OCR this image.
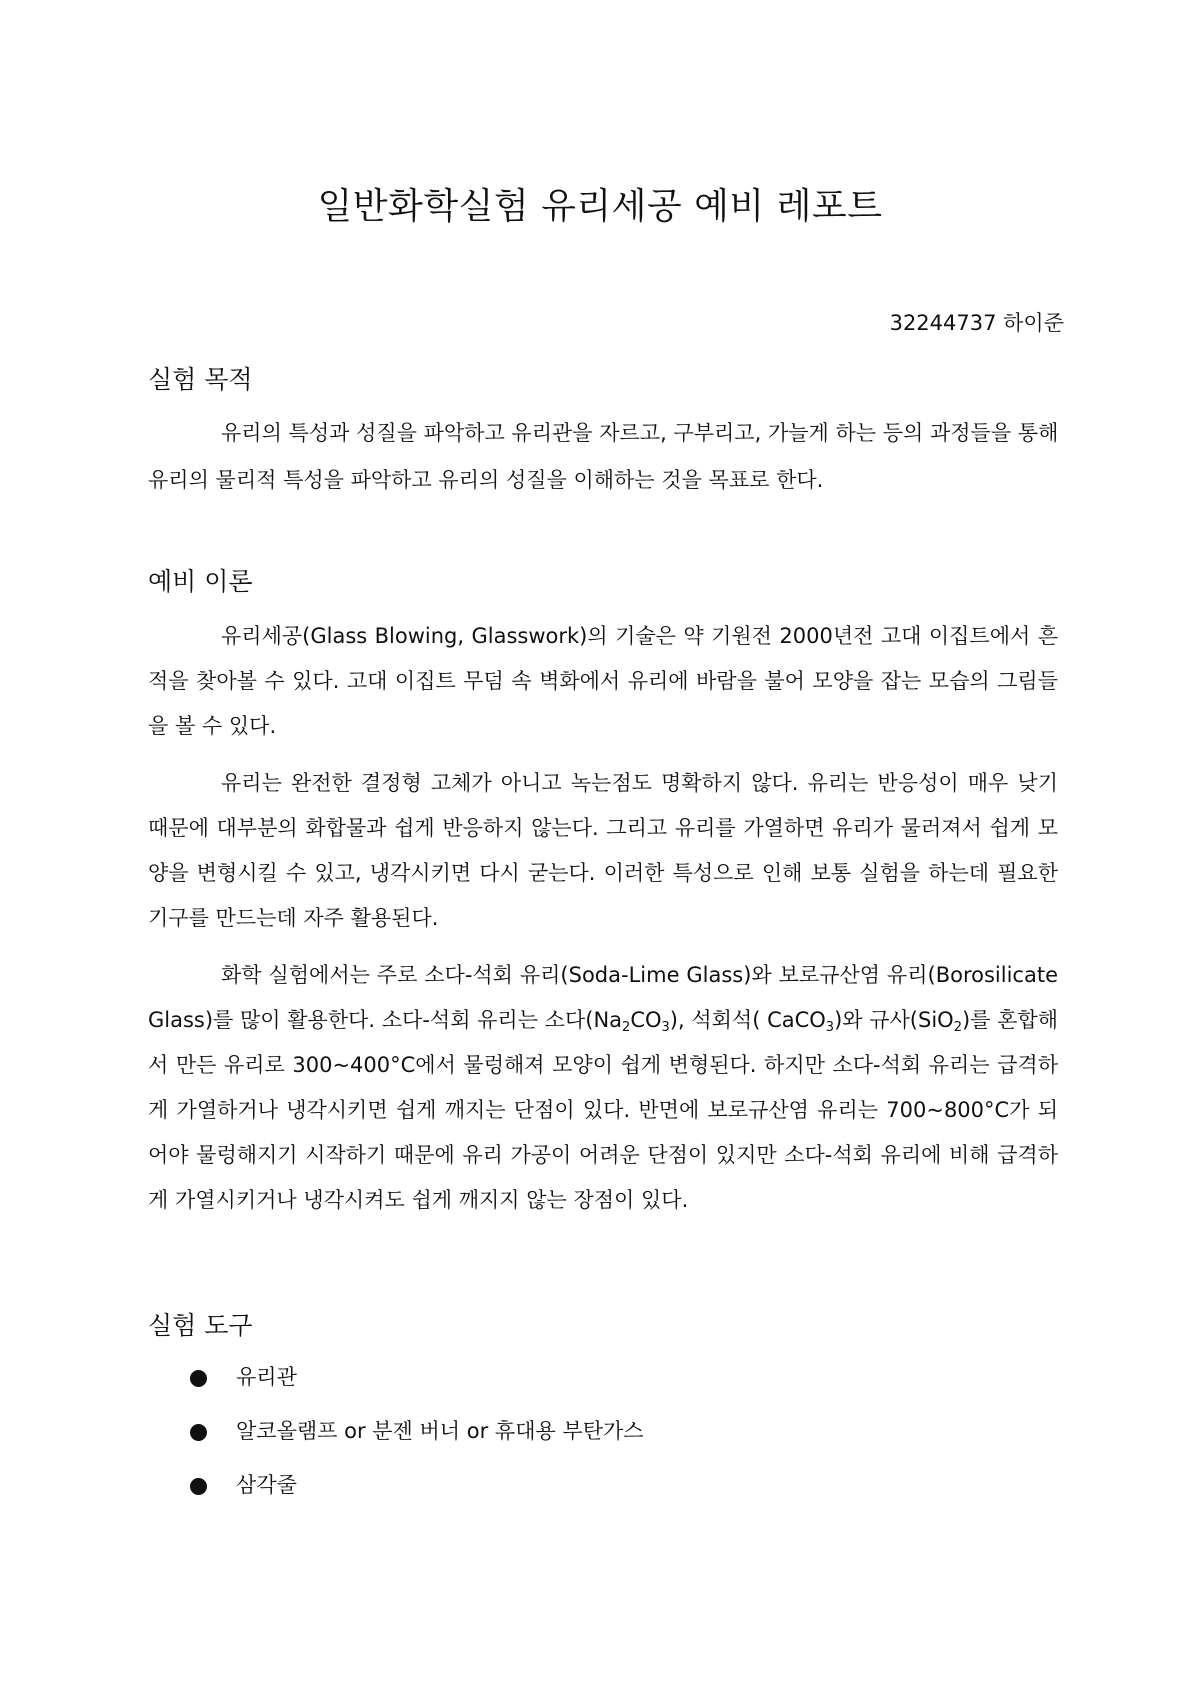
일반화학실험 유리세공 예비 레포트
32244737 하이준
실험 목적

유리의 특성과 성질을 파악하고 유리관을 자르고, 구부리고, 가늘게 하는 등의 과정들을 통해 유리의 물리적 특성을 파악하고 유리의 성질을 이해하는 것을 목표로 한다.

예비 이론

유리세공(Glass Blowing, Glasswork)의 기술은 약 기원전 2000년전 고대 이집트에서 흔적을 찾아볼 수 있다. 고대 이집트 무덤 속 벽화에서 유리에 바람을 불어 모양을 잡는 모습의 그림들을 볼 수 있다.

유리는 완전한 결정형 고체가 아니고 녹는점도 명확하지 않다. 유리는 반응성이 매우 낮기 때문에 대부분의 화합물과 쉽게 반응하지 않는다. 그리고 유리를 가열하면 유리가 물러져서 쉽게 모양을 변형시킬 수 있고, 냉각시키면 다시 굳는다. 이러한 특성으로 인해 보통 실험을 하는데 필요한 기구를 만드는데 자주 활용된다.

화학 실험에서는 주로 소다-석회 유리(Soda-Lime Glass)와 보로규산염 유리(Borosilicate Glass)를 많이 활용한다. 소다-석회 유리는 소다$(Na_2CO_3)$, 석회석( CaCO$_3$)와 규사(SiO$_2$)를 혼합해서 만든 유리로 300~400°C에서 물렁해져 모양이 쉽게 변형된다. 하지만 소다-석회 유리는 급격하게 가열하거나 냉각시키면 쉽게 깨지는 단점이 있다. 반면에 보로규산염 유리는 700~800°C가 되어야 물렁해지기 시작하기 때문에 유리 가공이 어려운 단점이 있지만 소다-석회 유리에 비해 급격하게 가열시키거나 냉각시켜도 쉽게 깨지지 않는 장점이 있다.

실험 도구
유리관
알코올램프 or 분젠 버너 or 휴대용 부탄가스
삼각줄
